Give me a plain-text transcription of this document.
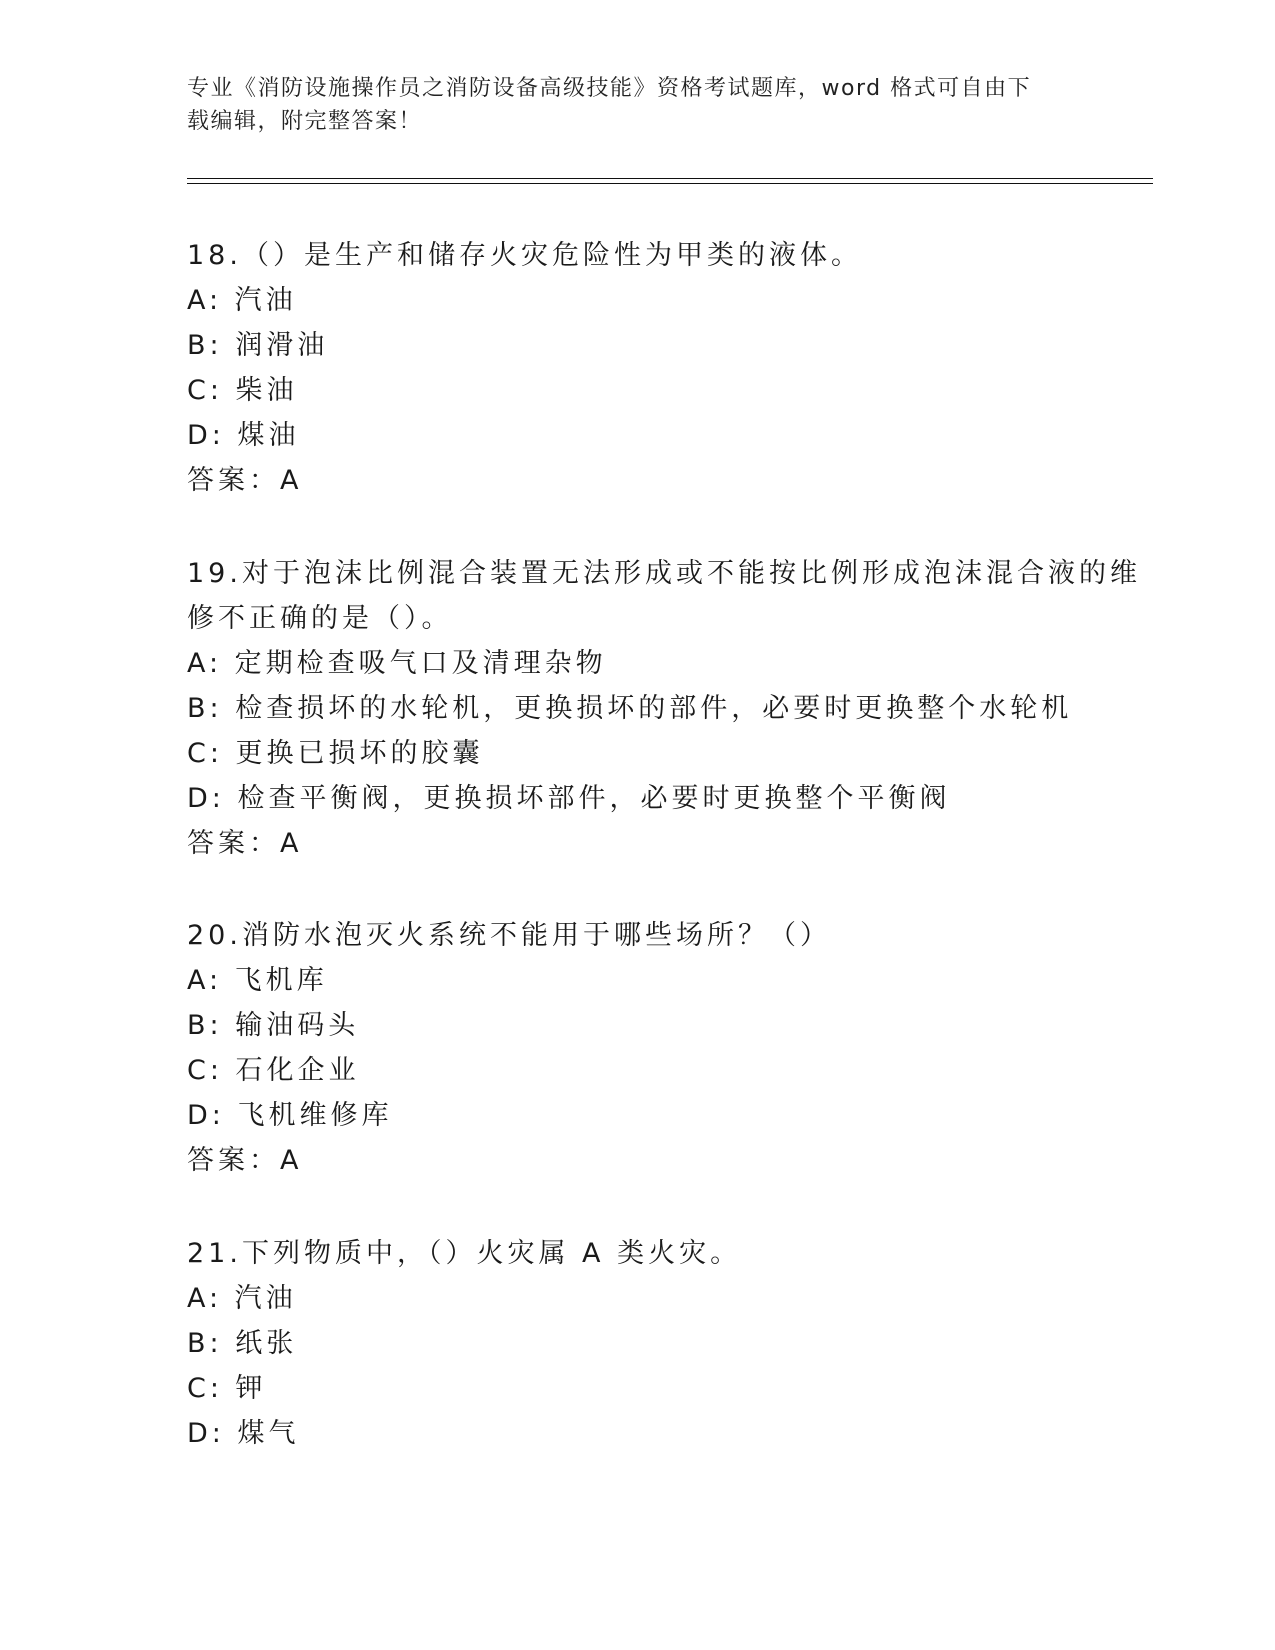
专业《消防设施操作员之消防设备高级技能》资格考试题库，word 格式可自由下
载编辑，附完整答案！
18.（）是生产和储存火灾危险性为甲类的液体。
A: 汽油
B: 润滑油
C: 柴油
D: 煤油
答案：A
19.对于泡沫比例混合装置无法形成或不能按比例形成泡沫混合液的维
修不正确的是（）。
A: 定期检查吸气口及清理杂物
B: 检查损坏的水轮机，更换损坏的部件，必要时更换整个水轮机
C: 更换已损坏的胶囊
D: 检查平衡阀，更换损坏部件，必要时更换整个平衡阀
答案：A
20.消防水泡灭火系统不能用于哪些场所？（）
A: 飞机库
B: 输油码头
C: 石化企业
D: 飞机维修库
答案：A
21.下列物质中，（）火灾属 A 类火灾。
A: 汽油
B: 纸张
C: 钾
D: 煤气
